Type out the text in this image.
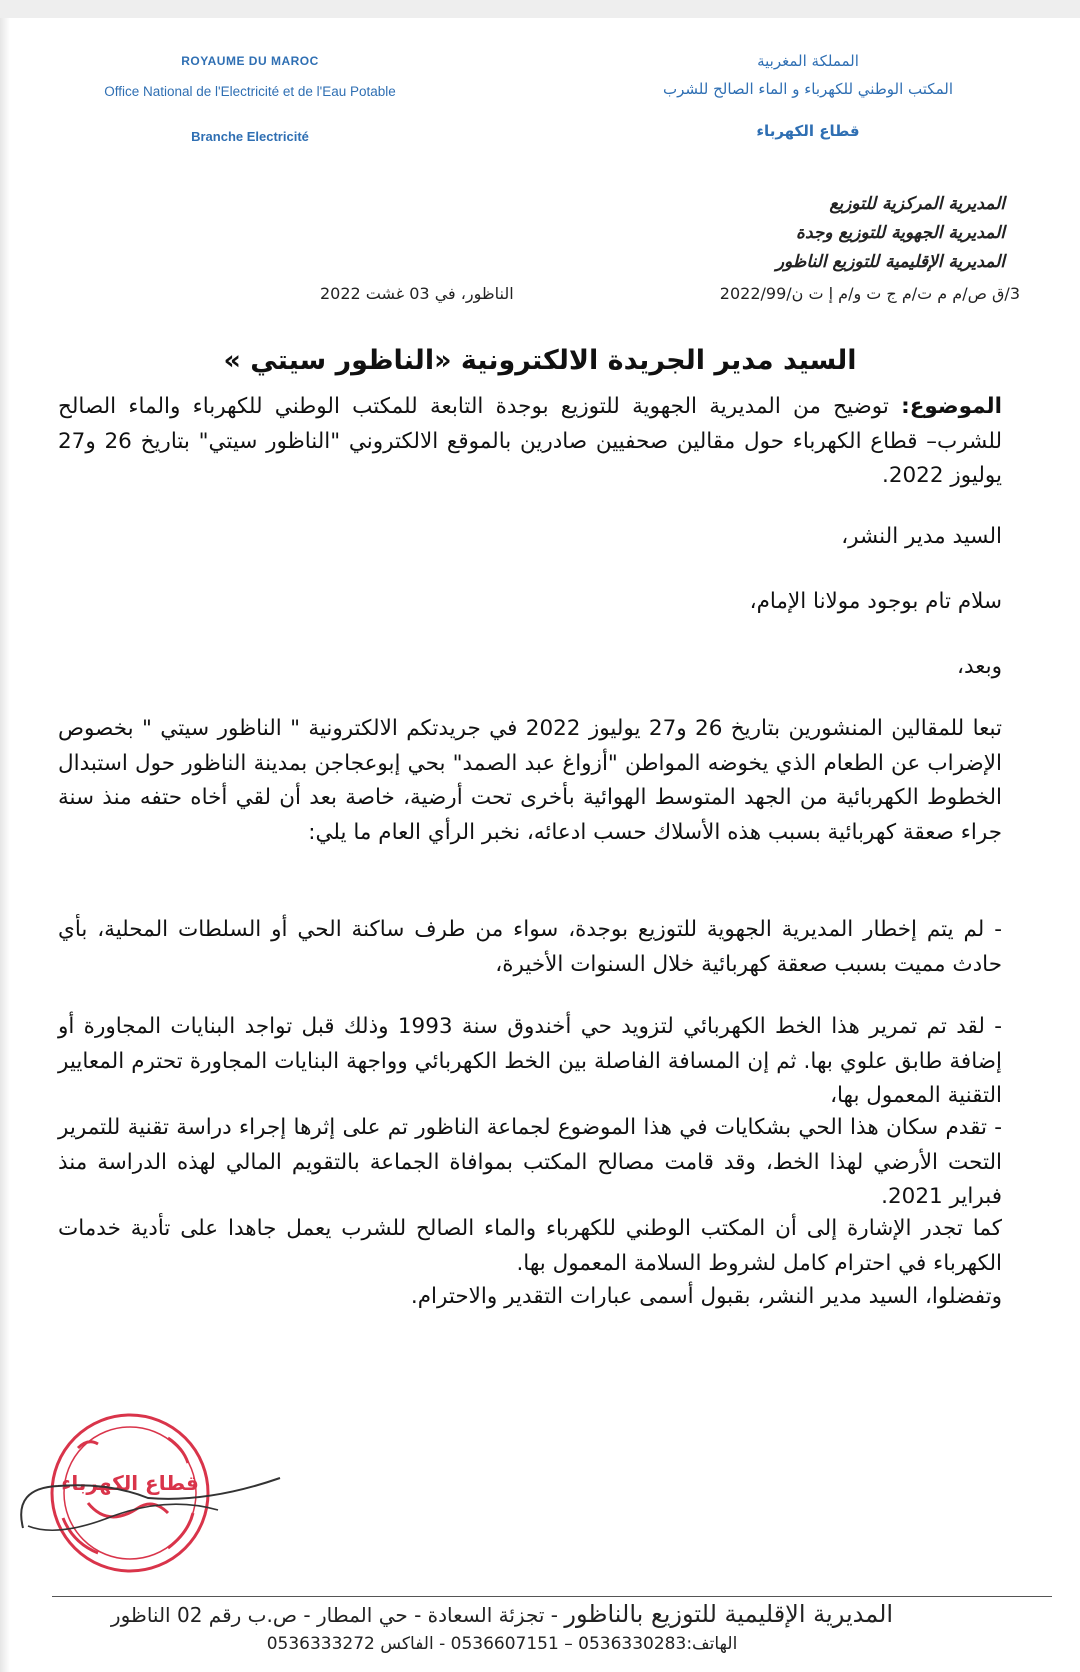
ROYAUME DU MAROC
Office National de l'Electricité et de l'Eau Potable
Branche Electricité
المملكة المغربية
المكتب الوطني للكهرباء و الماء الصالح للشرب
قطاع الكهرباء
المديرية المركزية للتوزيع
المديرية الجهوية للتوزيع وجدة
المديرية الإقليمية للتوزيع الناظور
3/ق ص/م م ت/م ج ت و/م إ ت ن/2022/99
الناظور، في 03 غشت 2022
السيد مدير الجريدة الالكترونية «الناظور سيتي »

الموضوع: توضيح من المديرية الجهوية للتوزيع بوجدة التابعة للمكتب الوطني للكهرباء والماء الصالح للشرب– قطاع الكهرباء حول مقالين صحفيين صادرين بالموقع الالكتروني "الناظور سيتي" بتاريخ 26 و27 يوليوز 2022.

السيد مدير النشر،
سلام تام بوجود مولانا الإمام،
وبعد،
تبعا للمقالين المنشورين بتاريخ 26 و27 يوليوز 2022 في جريدتكم الالكترونية " الناظور سيتي " بخصوص الإضراب عن الطعام الذي يخوضه المواطن "أزواغ عبد الصمد" بحي إبوعجاجن بمدينة الناظور حول استبدال الخطوط الكهربائية من الجهد المتوسط الهوائية بأخرى تحت أرضية، خاصة بعد أن لقي أخاه حتفه منذ سنة جراء صعقة كهربائية بسبب هذه الأسلاك حسب ادعائه، نخبر الرأي العام ما يلي:
- لم يتم إخطار المديرية الجهوية للتوزيع بوجدة، سواء من طرف ساكنة الحي أو السلطات المحلية، بأي حادث مميت بسبب صعقة كهربائية خلال السنوات الأخيرة،
- لقد تم تمرير هذا الخط الكهربائي لتزويد حي أخندوق سنة 1993 وذلك قبل تواجد البنايات المجاورة أو إضافة طابق علوي بها. ثم إن المسافة الفاصلة بين الخط الكهربائي وواجهة البنايات المجاورة تحترم المعايير التقنية المعمول بها،
- تقدم سكان هذا الحي بشكايات في هذا الموضوع لجماعة الناظور تم على إثرها إجراء دراسة تقنية للتمرير التحت الأرضي لهذا الخط، وقد قامت مصالح المكتب بموافاة الجماعة بالتقويم المالي لهذه الدراسة منذ فبراير 2021.
كما تجدر الإشارة إلى أن المكتب الوطني للكهرباء والماء الصالح للشرب يعمل جاهدا على تأدية خدمات الكهرباء في احترام كامل لشروط السلامة المعمول بها.
وتفضلوا، السيد مدير النشر، بقبول أسمى عبارات التقدير والاحترام.
قطاع الكهرباء
المديرية الإقليمية للتوزيع بالناظور - تجزئة السعادة - حي المطار - ص.ب رقم 02 الناظور
الهاتف:0536330283 – 0536607151 - الفاكس 0536333272
